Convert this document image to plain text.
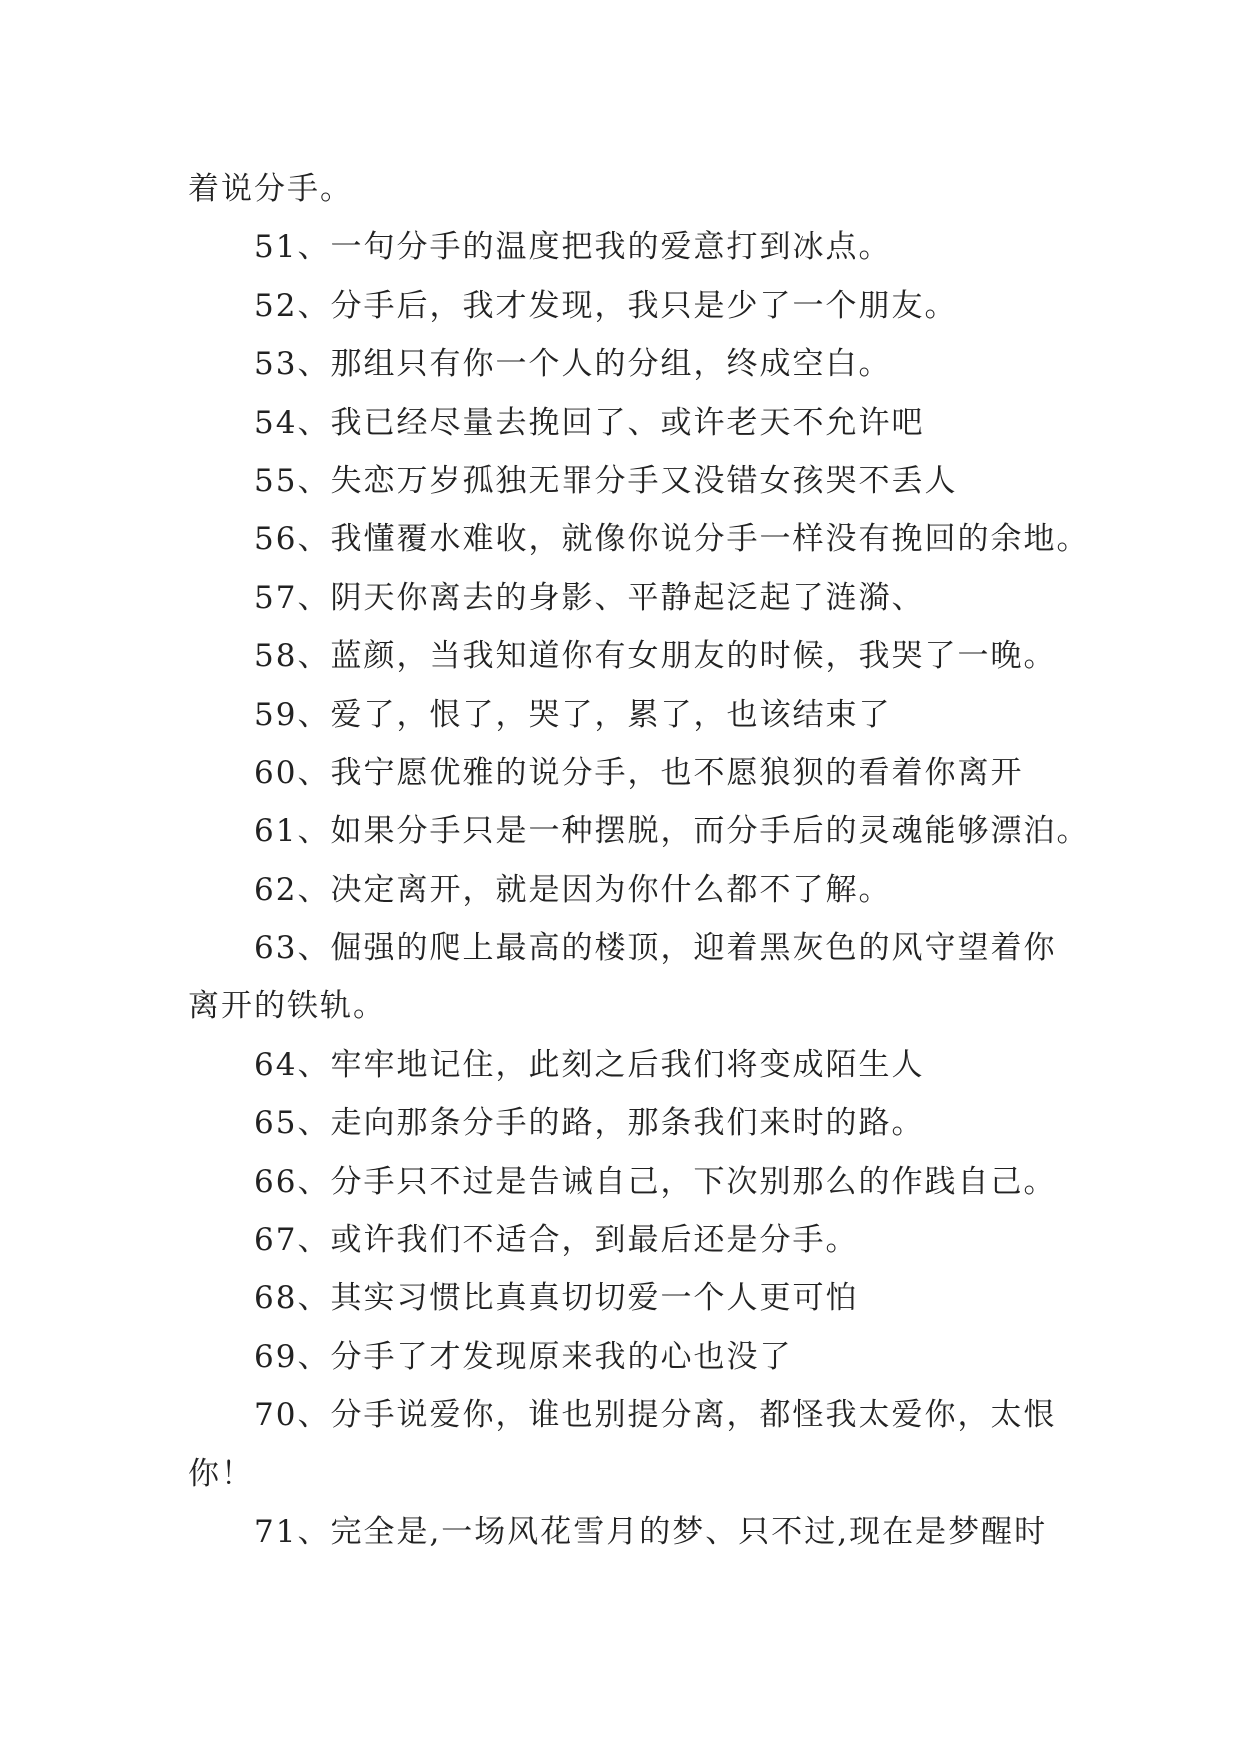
着说分手。
51、一句分手的温度把我的爱意打到冰点。
52、分手后，我才发现，我只是少了一个朋友。
53、那组只有你一个人的分组，终成空白。
54、我已经尽量去挽回了、或许老天不允许吧
55、失恋万岁孤独无罪分手又没错女孩哭不丢人
56、我懂覆水难收，就像你说分手一样没有挽回的余地。
57、阴天你离去的身影、平静起泛起了涟漪、
58、蓝颜，当我知道你有女朋友的时候，我哭了一晚。
59、爱了，恨了，哭了，累了，也该结束了
60、我宁愿优雅的说分手，也不愿狼狈的看着你离开
61、如果分手只是一种摆脱，而分手后的灵魂能够漂泊。
62、决定离开，就是因为你什么都不了解。
63、倔强的爬上最高的楼顶，迎着黑灰色的风守望着你
离开的铁轨。
64、牢牢地记住，此刻之后我们将变成陌生人
65、走向那条分手的路，那条我们来时的路。
66、分手只不过是告诫自己，下次别那么的作践自己。
67、或许我们不适合，到最后还是分手。
68、其实习惯比真真切切爱一个人更可怕
69、分手了才发现原来我的心也没了
70、分手说爱你，谁也别提分离，都怪我太爱你，太恨
你！
71、完全是,一场风花雪月的梦、只不过,现在是梦醒时
